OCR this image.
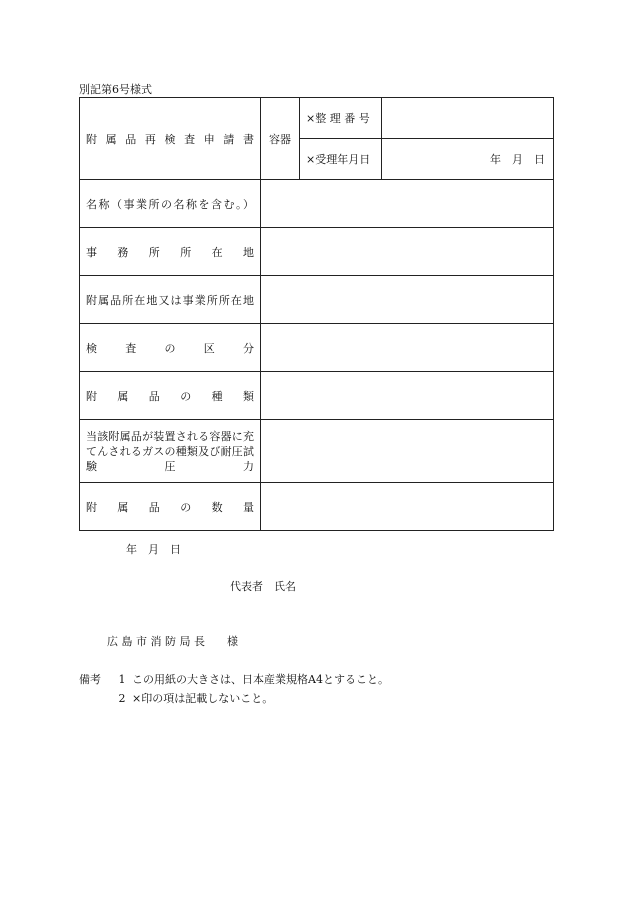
別記第6号様式
附 属 品 再 検 査 申 請 書	容器	×整 理 番 号	
		×受理年月日	年　月　日
名称（事業所の名称を含む。）			
事　務　所　所　在　地			
附属品所在地又は事業所所在地			
検　査　の　区　分			
附　属　品　の　種　類			
当該附属品が装置される容器に充てんされるガスの種類及び耐圧試験圧力			
附　属　品　の　数　量			
年　月　日
代表者　氏名
広 島 市 消 防 局 長　　様
備考	1 この用紙の大きさは、日本産業規格A4とすること。
2 ×印の項は記載しないこと。
